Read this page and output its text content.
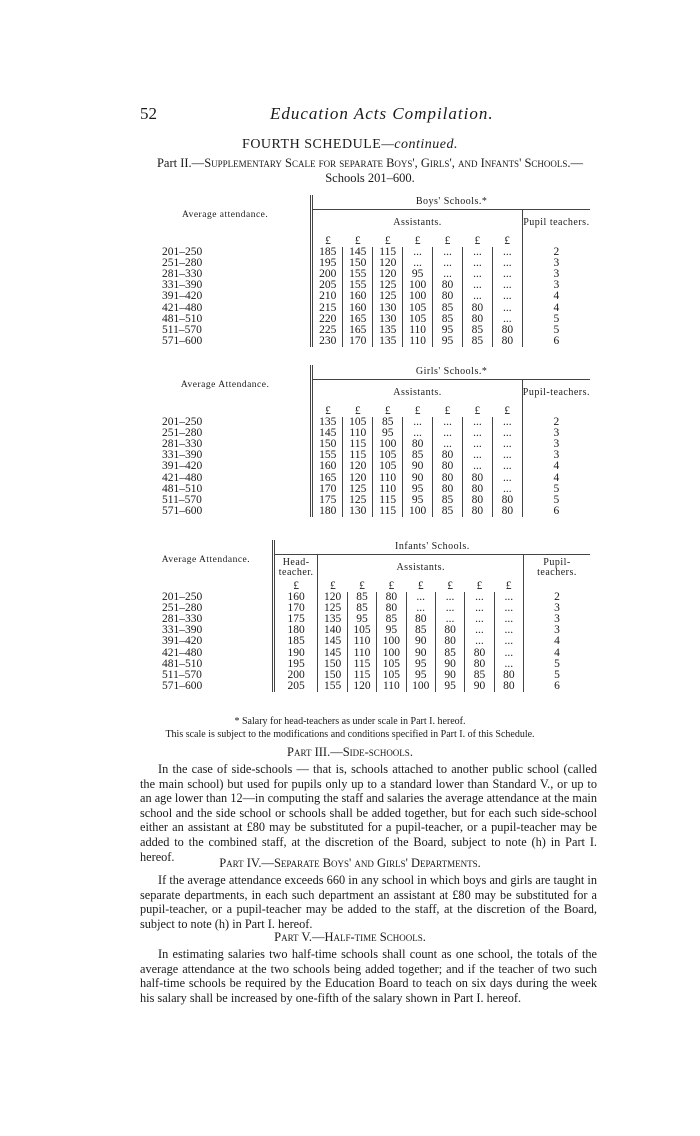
52	Education Acts Compilation.
FOURTH SCHEDULE—continued.
Part II.—Supplementary Scale for separate Boys', Girls', and Infants' Schools.—Schools 201–600.
Average attendance.	Boys' Schools.*							
	Assistants.							Pupil teachers.
	£	£	£	£	£	£	£	
201–250	185	145	115	...	...	...	...	2
251–280	195	150	120	...	...	...	...	3
281–330	200	155	120	95	...	...	...	3
331–390	205	155	125	100	80	...	...	3
391–420	210	160	125	100	80	...	...	4
421–480	215	160	130	105	85	80	...	4
481–510	220	165	130	105	85	80	...	5
511–570	225	165	135	110	95	85	80	5
571–600	230	170	135	110	95	85	80	6
Average Attendance.	Girls' Schools.*							
	Assistants.							Pupil-teachers.
	£	£	£	£	£	£	£	
201–250	135	105	85	...	...	...	...	2
251–280	145	110	95	...	...	...	...	3
281–330	150	115	100	80	...	...	...	3
331–390	155	115	105	85	80	...	...	3
391–420	160	120	105	90	80	...	...	4
421–480	165	120	110	90	80	80	...	4
481–510	170	125	110	95	80	80	...	5
511–570	175	125	115	95	85	80	80	5
571–600	180	130	115	100	85	80	80	6
Average Attendance.	Infants' Schools.								
	Head-teacher.	Assistants.							Pupil-teachers.
	£	£	£	£	£	£	£	£	
201–250	160	120	85	80	...	...	...	...	2
251–280	170	125	85	80	...	...	...	...	3
281–330	175	135	95	85	80	...	...	...	3
331–390	180	140	105	95	85	80	...	...	3
391–420	185	145	110	100	90	80	...	...	4
421–480	190	145	110	100	90	85	80	...	4
481–510	195	150	115	105	95	90	80	...	5
511–570	200	150	115	105	95	90	85	80	5
571–600	205	155	120	110	100	95	90	80	6
* Salary for head-teachers as under scale in Part I. hereof.
This scale is subject to the modifications and conditions specified in Part I. of this Schedule.
Part III.—Side-schools.
In the case of side-schools — that is, schools attached to another public school (called the main school) but used for pupils only up to a standard lower than Standard V., or up to an age lower than 12—in computing the staff and salaries the average attendance at the main school and the side school or schools shall be added together, but for each such side-school either an assistant at £80 may be substituted for a pupil-teacher, or a pupil-teacher may be added to the combined staff, at the discretion of the Board, subject to note (h) in Part I. hereof.	Part IV.—Separate Boys' and Girls' Departments.
If the average attendance exceeds 660 in any school in which boys and girls are taught in separate departments, in each such department an assistant at £80 may be substituted for a pupil-teacher, or a pupil-teacher may be added to the staff, at the discretion of the Board, subject to note (h) in Part I. hereof.
Part V.—Half-time Schools.
In estimating salaries two half-time schools shall count as one school, the totals of the average attendance at the two schools being added together; and if the teacher of two such half-time schools be required by the Education Board to teach on six days during the week his salary shall be increased by one-fifth of the salary shown in Part I. hereof.
